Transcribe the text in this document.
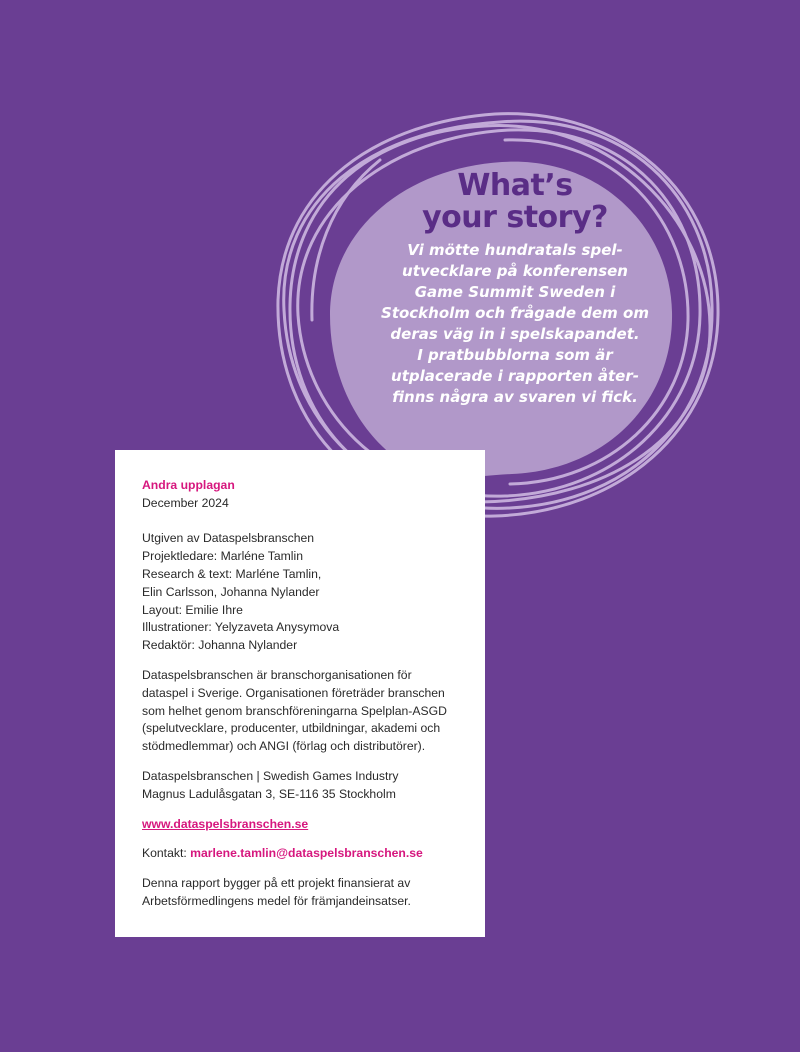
What’s
your story?

Vi mötte hundratals spel-
utvecklare på konferensen
Game Summit Sweden i
Stockholm och frågade dem om
deras väg in i spelskapandet.
I pratbubblorna som är
utplacerade i rapporten åter-
finns några av svaren vi fick.

Andra upplagan

December 2024

Utgiven av Dataspelsbranschen

Projektledare: Marléne Tamlin

Research & text: Marléne Tamlin,

Elin Carlsson, Johanna Nylander

Layout: Emilie Ihre

Illustrationer: Yelyzaveta Anysymova

Redaktör: Johanna Nylander

Dataspelsbranschen är branschorganisationen för

dataspel i Sverige. Organisationen företräder branschen

som helhet genom branschföreningarna Spelplan-ASGD

(spelutvecklare, producenter, utbildningar, akademi och

stödmedlemmar) och ANGI (förlag och distributörer).

Dataspelsbranschen | Swedish Games Industry

Magnus Ladulåsgatan 3, SE-116 35 Stockholm

www.dataspelsbranschen.se

Kontakt: marlene.tamlin@dataspelsbranschen.se

Denna rapport bygger på ett projekt finansierat av

Arbetsförmedlingens medel för främjandeinsatser.
